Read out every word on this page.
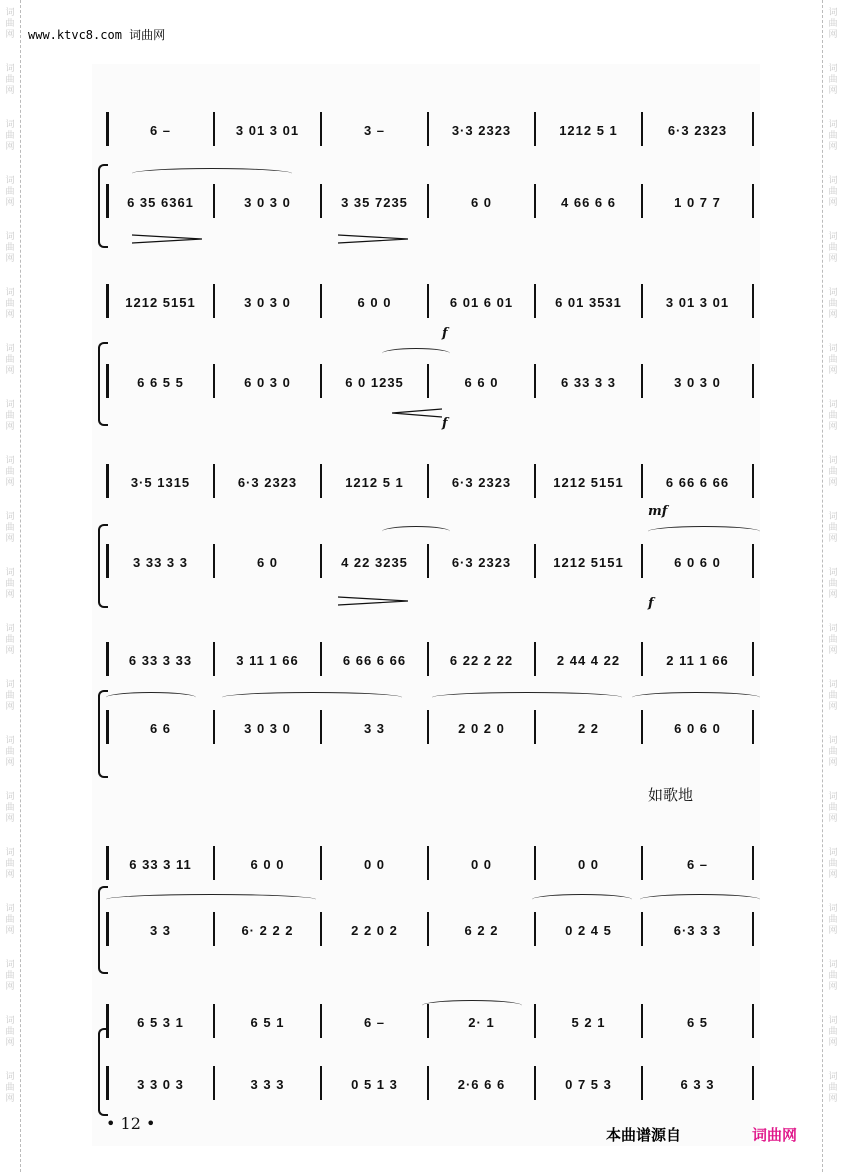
词
曲
网
词
曲
网
词
曲
网
词
曲
网
词
曲
网
词
曲
网
词
曲
网
词
曲
网
词
曲
网
词
曲
网
词
曲
网
词
曲
网
词
曲
网
词
曲
网
词
曲
网
词
曲
网
词
曲
网
词
曲
网
词
曲
网
词
曲
网
词
曲
网
词
曲
网
词
曲
网
词
曲
网
词
曲
网
词
曲
网
词
曲
网
词
曲
网
词
曲
网
词
曲
网
词
曲
网
词
曲
网
词
曲
网
词
曲
网
词
曲
网
词
曲
网
词
曲
网
词
曲
网
词
曲
网
词
曲
网
www.ktvc8.com 词曲网
6 –	3 01 3 01	3 –	3·3 2323	1212 5 1	6·3 2323
6 35 6361	3 0 3 0	3 35 7235	6 0	4 66 6 6	1 0 7 7
1212 5151	3 0 3 0	6 0 0	6 01 6 01	6 01 3531	3 01 3 01
f
6 6 5 5	6 0 3 0	6 0 1235	6 6 0	6 33 3 3	3 0 3 0
f
3·5 1315	6·3 2323	1212 5 1	6·3 2323	1212 5151	6 66 6 66
mf
3 33 3 3	6 0	4 22 3235	6·3 2323	1212 5151	6 0 6 0
f
6 33 3 33	3 11 1 66	6 66 6 66	6 22 2 22	2 44 4 22	2 11 1 66
6 6	3 0 3 0	3 3	2 0 2 0	2 2	6 0 6 0
如歌地
6 33 3 11	6 0 0	0 0	0 0	0 0	6 –
3 3	6· 2 2 2	2 2 0 2	6 2 2	0 2 4 5	6·3 3 3
6 5 3 1	6 5 1	6 –	2· 1	5 2 1	6 5
3 3 0 3	3 3 3	0 5 1 3	2·6 6 6	0 7 5 3	6 3 3
• 12 •
本曲谱源自	词曲网
